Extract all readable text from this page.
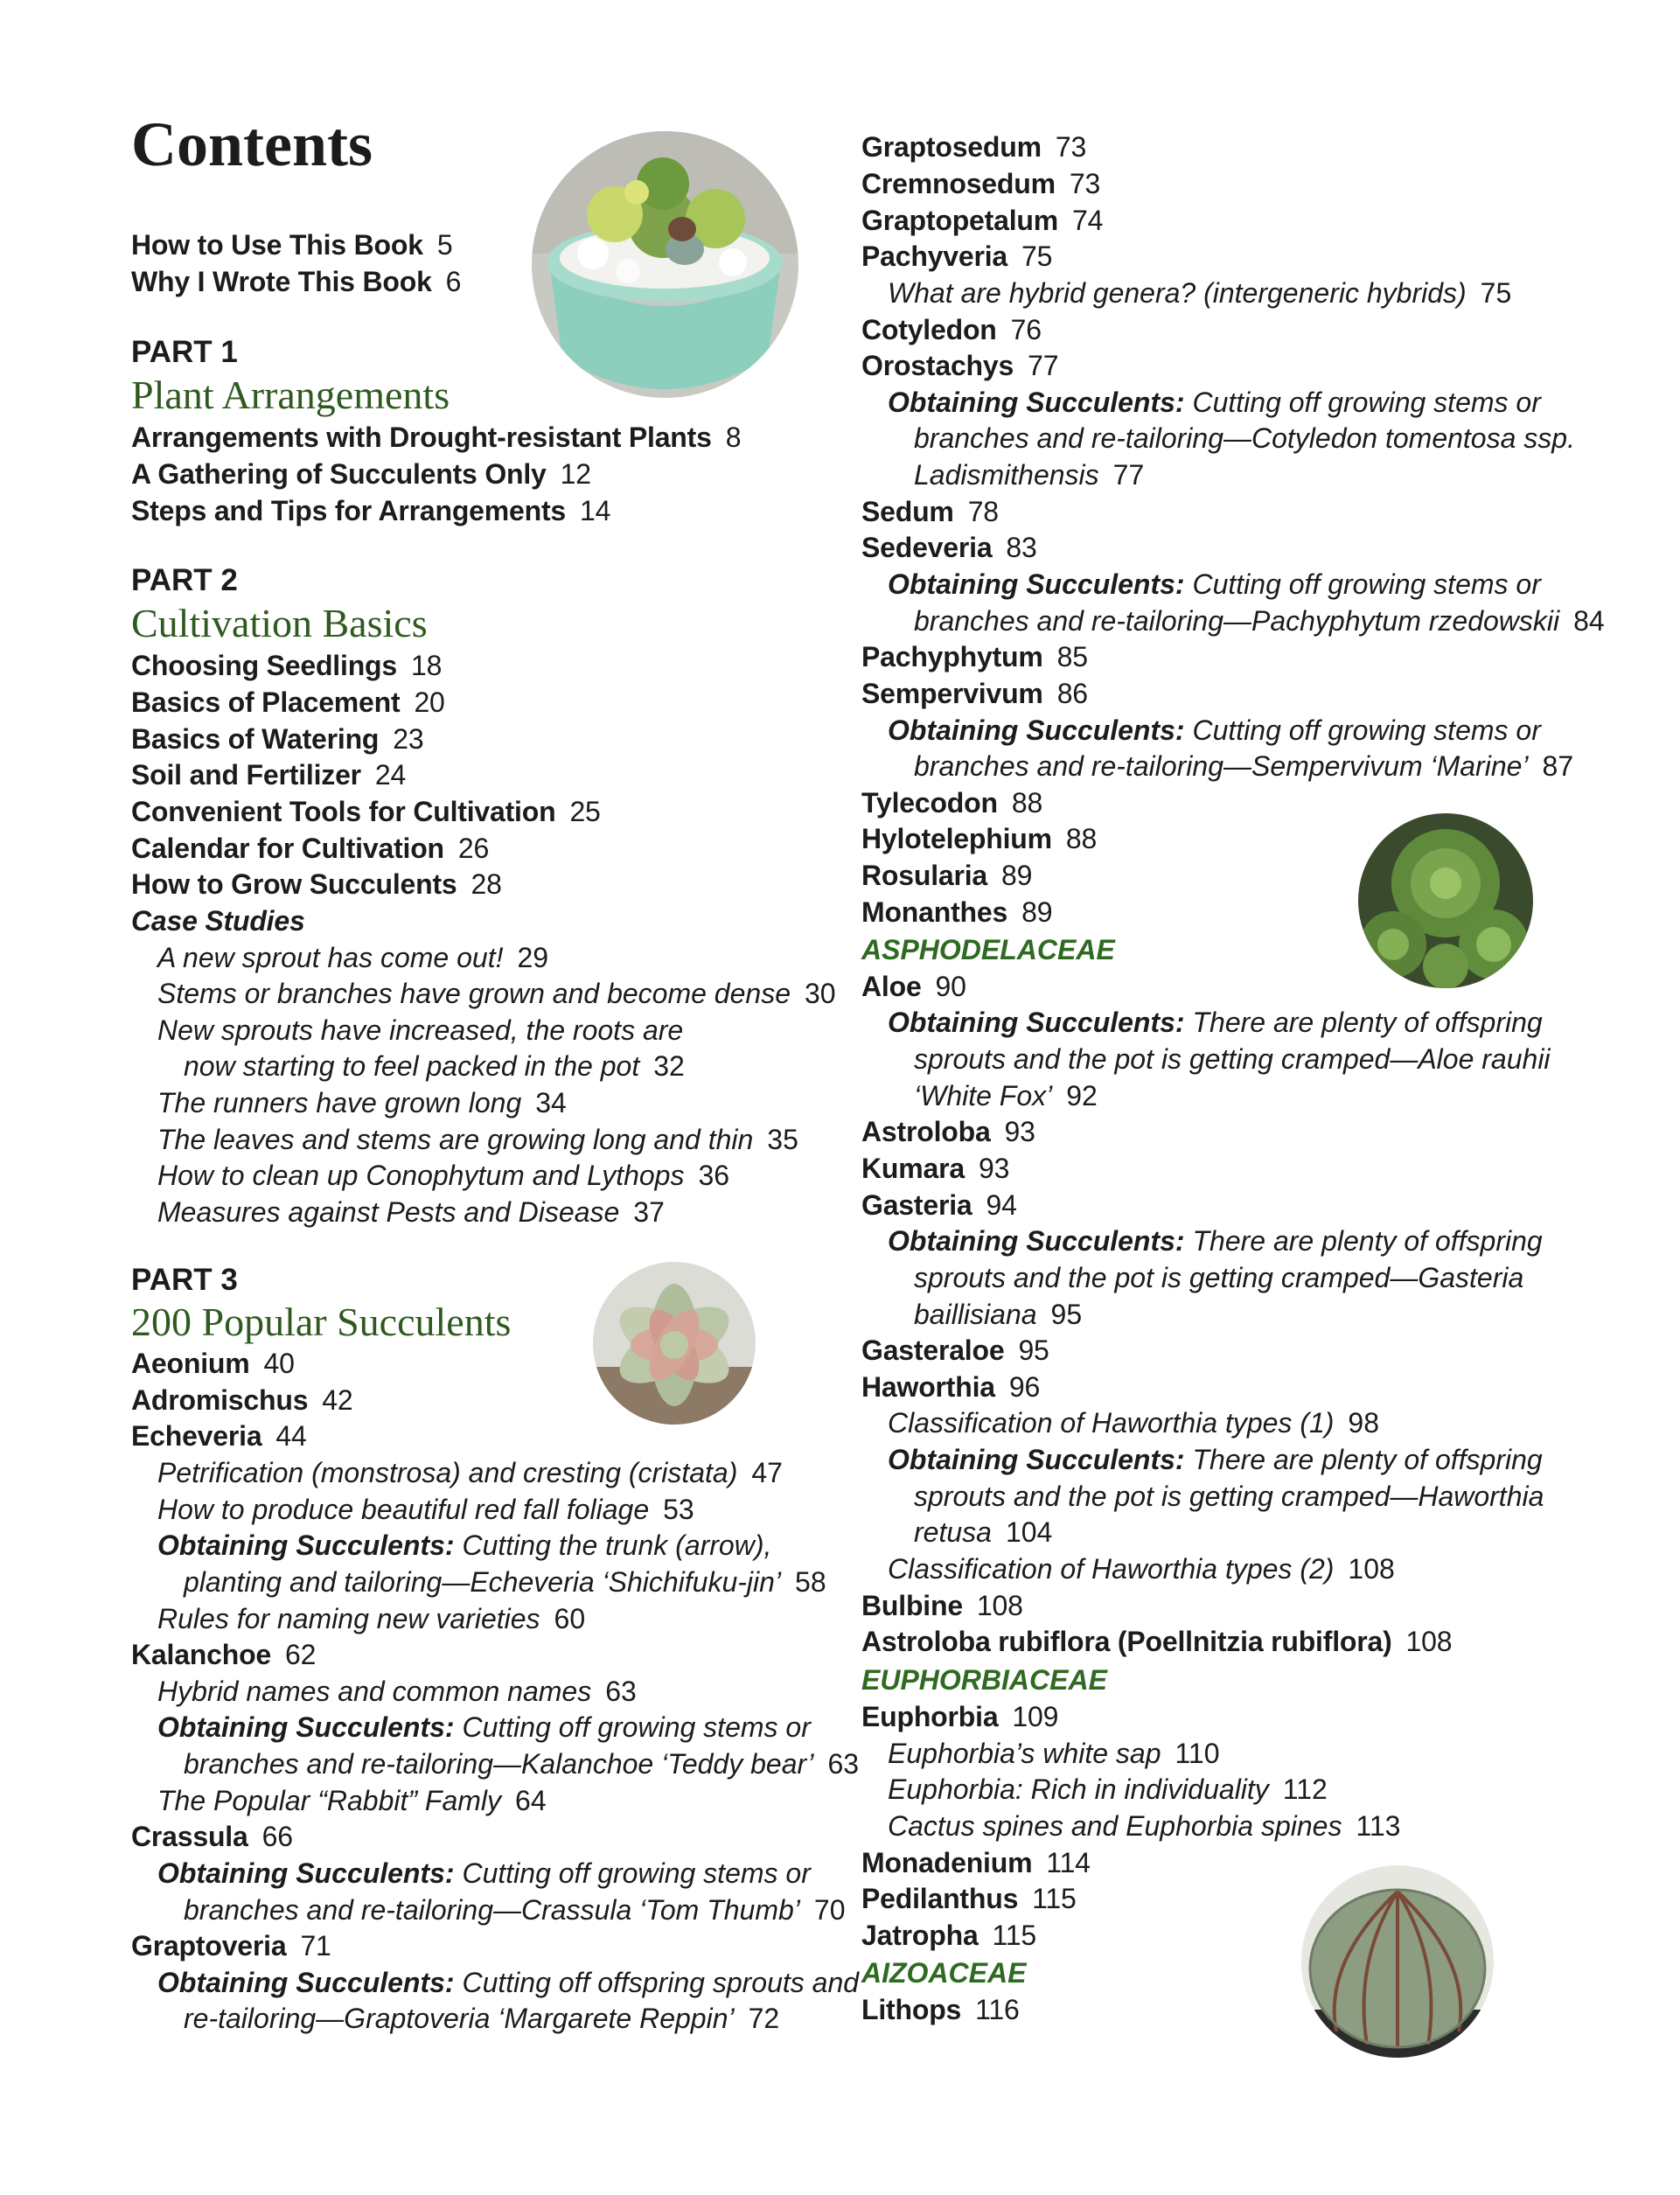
Contents
How to Use This Book 5
Why I Wrote This Book 6
PART 1
Plant Arrangements
Arrangements with Drought-resistant Plants 8
A Gathering of Succulents Only 12
Steps and Tips for Arrangements 14
PART 2
Cultivation Basics
Choosing Seedlings 18
Basics of Placement 20
Basics of Watering 23
Soil and Fertilizer 24
Convenient Tools for Cultivation 25
Calendar for Cultivation 26
How to Grow Succulents 28
Case Studies
A new sprout has come out! 29
Stems or branches have grown and become dense 30
New sprouts have increased, the roots are
now starting to feel packed in the pot 32
The runners have grown long 34
The leaves and stems are growing long and thin 35
How to clean up Conophytum and Lythops 36
Measures against Pests and Disease 37
PART 3
200 Popular Succulents
Aeonium 40
Adromischus 42
Echeveria 44
Petrification (monstrosa) and cresting (cristata) 47
How to produce beautiful red fall foliage 53
Obtaining Succulents: Cutting the trunk (arrow),
planting and tailoring—Echeveria ‘Shichifuku-jin’ 58
Rules for naming new varieties 60
Kalanchoe 62
Hybrid names and common names 63
Obtaining Succulents: Cutting off growing stems or
branches and re-tailoring—Kalanchoe ‘Teddy bear’ 63
The Popular “Rabbit” Famly 64
Crassula 66
Obtaining Succulents: Cutting off growing stems or
branches and re-tailoring—Crassula ‘Tom Thumb’ 70
Graptoveria 71
Obtaining Succulents: Cutting off offspring sprouts and
re-tailoring—Graptoveria ‘Margarete Reppin’ 72
Graptosedum 73
Cremnosedum 73
Graptopetalum 74
Pachyveria 75
What are hybrid genera? (intergeneric hybrids) 75
Cotyledon 76
Orostachys 77
Obtaining Succulents: Cutting off growing stems or
branches and re-tailoring—Cotyledon tomentosa ssp.
Ladismithensis 77
Sedum 78
Sedeveria 83
Obtaining Succulents: Cutting off growing stems or
branches and re-tailoring—Pachyphytum rzedowskii 84
Pachyphytum 85
Sempervivum 86
Obtaining Succulents: Cutting off growing stems or
branches and re-tailoring—Sempervivum ‘Marine’ 87
Tylecodon 88
Hylotelephium 88
Rosularia 89
Monanthes 89
ASPHODELACEAE
Aloe 90
Obtaining Succulents: There are plenty of offspring
sprouts and the pot is getting cramped—Aloe rauhii
‘White Fox’ 92
Astroloba 93
Kumara 93
Gasteria 94
Obtaining Succulents: There are plenty of offspring
sprouts and the pot is getting cramped—Gasteria
baillisiana 95
Gasteraloe 95
Haworthia 96
Classification of Haworthia types (1) 98
Obtaining Succulents: There are plenty of offspring
sprouts and the pot is getting cramped—Haworthia
retusa 104
Classification of Haworthia types (2) 108
Bulbine 108
Astroloba rubiflora (Poellnitzia rubiflora) 108
EUPHORBIACEAE
Euphorbia 109
Euphorbia’s white sap 110
Euphorbia: Rich in individuality 112
Cactus spines and Euphorbia spines 113
Monadenium 114
Pedilanthus 115
Jatropha 115
AIZOACEAE
Lithops 116
